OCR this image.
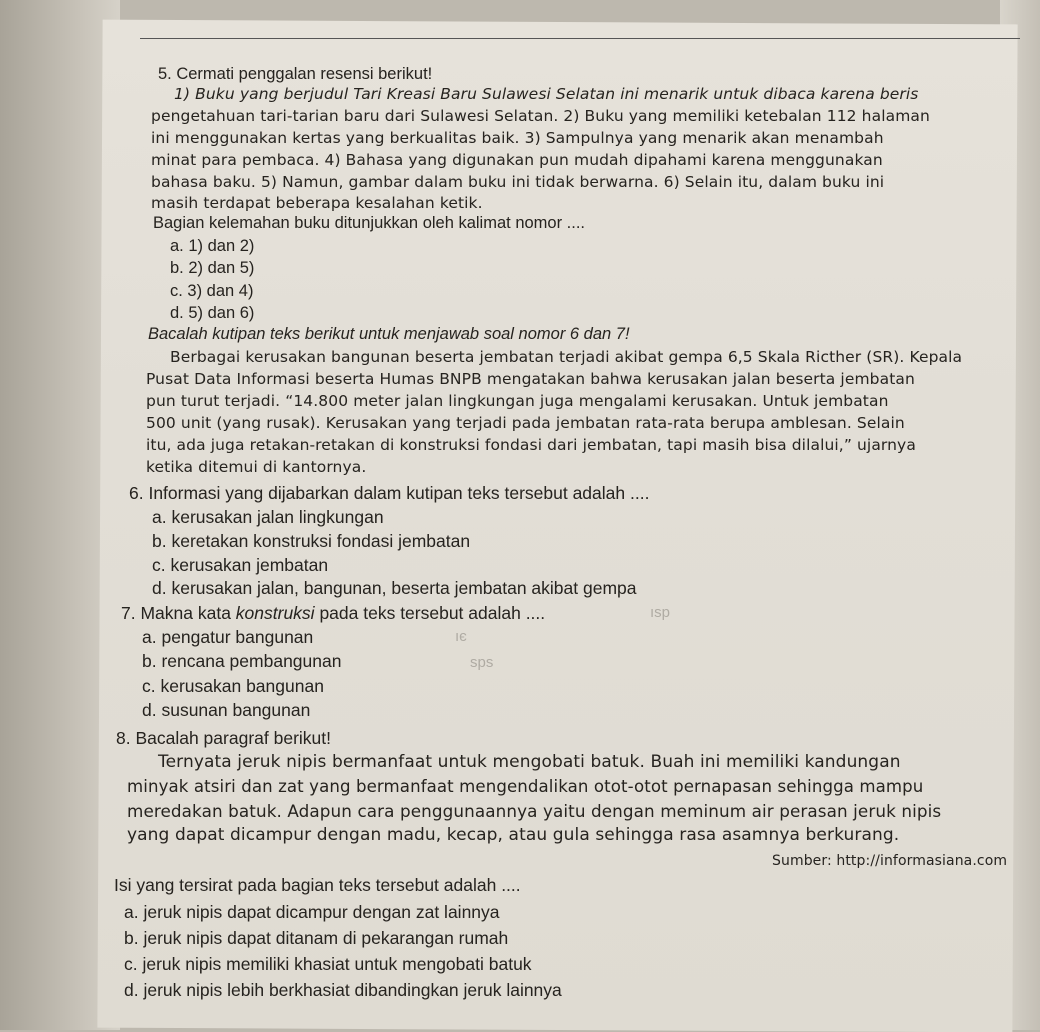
5. Cermati penggalan resensi berikut!
1) Buku yang berjudul Tari Kreasi Baru Sulawesi Selatan ini menarik untuk dibaca karena beris
pengetahuan tari-tarian baru dari Sulawesi Selatan. 2) Buku yang memiliki ketebalan 112 halaman
ini menggunakan kertas yang berkualitas baik. 3) Sampulnya yang menarik akan menambah
minat para pembaca. 4) Bahasa yang digunakan pun mudah dipahami karena menggunakan
bahasa baku. 5) Namun, gambar dalam buku ini tidak berwarna. 6) Selain itu, dalam buku ini
masih terdapat beberapa kesalahan ketik.
Bagian kelemahan buku ditunjukkan oleh kalimat nomor ....
a. 1) dan 2)
b. 2) dan 5)
c. 3) dan 4)
d. 5) dan 6)
Bacalah kutipan teks berikut untuk menjawab soal nomor 6 dan 7!
Berbagai kerusakan bangunan beserta jembatan terjadi akibat gempa 6,5 Skala Ricther (SR). Kepala
Pusat Data Informasi beserta Humas BNPB mengatakan bahwa kerusakan jalan beserta jembatan
pun turut terjadi. “14.800 meter jalan lingkungan juga mengalami kerusakan. Untuk jembatan
500 unit (yang rusak). Kerusakan yang terjadi pada jembatan rata-rata berupa amblesan. Selain
itu, ada juga retakan-retakan di konstruksi fondasi dari jembatan, tapi masih bisa dilalui,” ujarnya
ketika ditemui di kantornya.
6. Informasi yang dijabarkan dalam kutipan teks tersebut adalah ....
a. kerusakan jalan lingkungan
b. keretakan konstruksi fondasi jembatan
c. kerusakan jembatan
d. kerusakan jalan, bangunan, beserta jembatan akibat gempa
7. Makna kata konstruksi pada teks tersebut adalah ....
a. pengatur bangunan
b. rencana pembangunan
c. kerusakan bangunan
d. susunan bangunan
ısp
ıє
sps
8. Bacalah paragraf berikut!
Ternyata jeruk nipis bermanfaat untuk mengobati batuk. Buah ini memiliki kandungan
minyak atsiri dan zat yang bermanfaat mengendalikan otot-otot pernapasan sehingga mampu
meredakan batuk. Adapun cara penggunaannya yaitu dengan meminum air perasan jeruk nipis
yang dapat dicampur dengan madu, kecap, atau gula sehingga rasa asamnya berkurang.
Sumber: http://informasiana.com
Isi yang tersirat pada bagian teks tersebut adalah ....
a. jeruk nipis dapat dicampur dengan zat lainnya
b. jeruk nipis dapat ditanam di pekarangan rumah
c. jeruk nipis memiliki khasiat untuk mengobati batuk
d. jeruk nipis lebih berkhasiat dibandingkan jeruk lainnya
